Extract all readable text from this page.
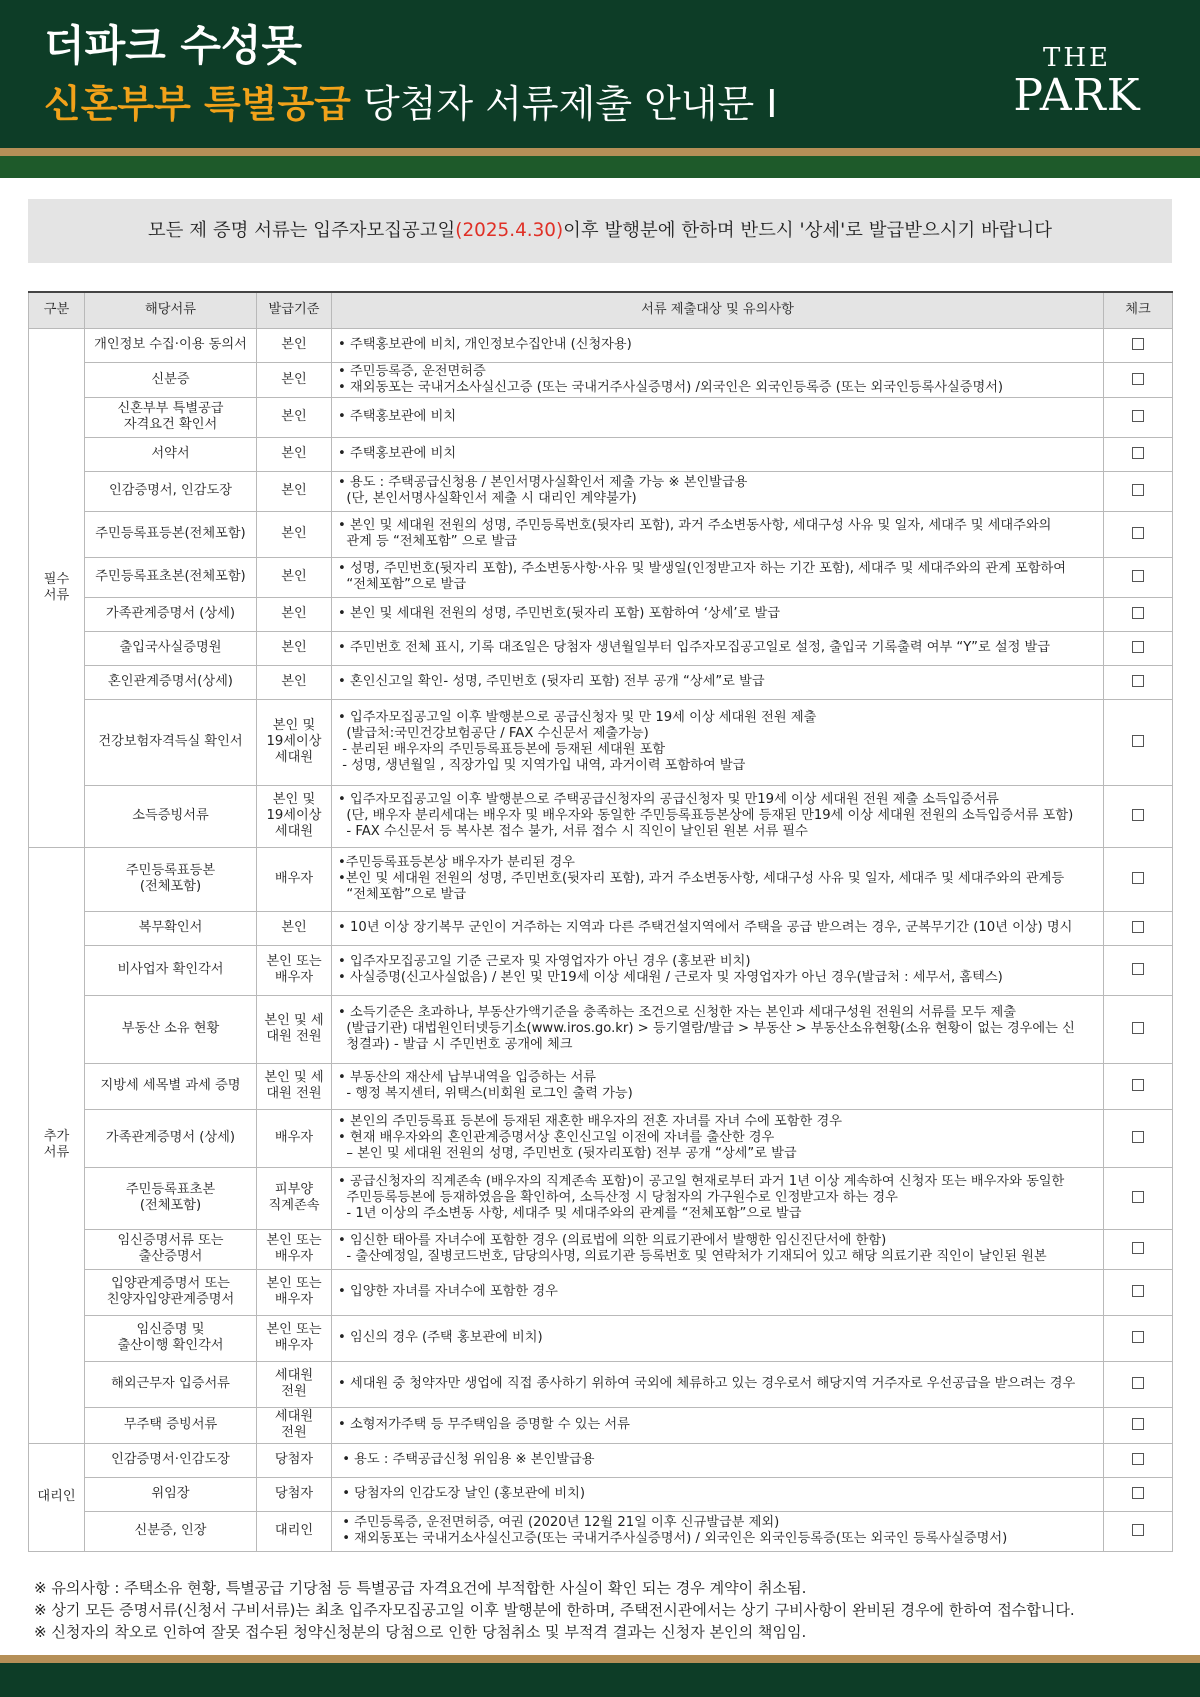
더파크 수성못
신혼부부 특별공급 당첨자 서류제출 안내문 Ⅰ
THE
PARK
모든 제 증명 서류는 입주자모집공고일(2025.4.30)이후 발행분에 한하며 반드시 '상세'로 발급받으시기 바랍니다
구분	해당서류	발급기준	서류 제출대상 및 유의사항	체크

필수
서류	개인정보 수집·이용 동의서	본인	• 주택홍보관에 비치, 개인정보수집안내 (신청자용)	

	신분증	본인	• 주민등록증, 운전면허증
• 재외동포는 국내거소사실신고증 (또는 국내거주사실증명서) /외국인은 외국인등록증 (또는 외국인등록사실증명서)	

	신혼부부 특별공급
자격요건 확인서	본인	• 주택홍보관에 비치	

	서약서	본인	• 주택홍보관에 비치	

	인감증명서, 인감도장	본인	• 용도 : 주택공급신청용 / 본인서명사실확인서 제출 가능 ※ 본인발급용
(단, 본인서명사실확인서 제출 시 대리인 계약불가)	

	주민등록표등본(전체포함)	본인	• 본인 및 세대원 전원의 성명, 주민등록번호(뒷자리 포함), 과거 주소변동사항, 세대구성 사유 및 일자, 세대주 및 세대주와의
관계 등 “전체포함” 으로 발급	

	주민등록표초본(전체포함)	본인	• 성명, 주민번호(뒷자리 포함), 주소변동사항·사유 및 발생일(인정받고자 하는 기간 포함), 세대주 및 세대주와의 관계 포함하여
“전체포함”으로 발급	

	가족관계증명서 (상세)	본인	• 본인 및 세대원 전원의 성명, 주민번호(뒷자리 포함) 포함하여 ‘상세’로 발급	

	출입국사실증명원	본인	• 주민번호 전체 표시, 기록 대조일은 당첨자 생년월일부터 입주자모집공고일로 설정, 출입국 기록출력 여부 “Y”로 설정 발급	

	혼인관계증명서(상세)	본인	• 혼인신고일 확인- 성명, 주민번호 (뒷자리 포함) 전부 공개 “상세”로 발급	

	건강보험자격득실 확인서	본인 및
19세이상
세대원	• 입주자모집공고일 이후 발행분으로 공급신청자 및 만 19세 이상 세대원 전원 제출
(발급처:국민건강보험공단 / FAX 수신문서 제출가능)
- 분리된 배우자의 주민등록표등본에 등재된 세대원 포함
- 성명, 생년월일 , 직장가입 및 지역가입 내역, 과거이력 포함하여 발급	

	소득증빙서류	본인 및
19세이상
세대원	• 입주자모집공고일 이후 발행분으로 주택공급신청자의 공급신청자 및 만19세 이상 세대원 전원 제출 소득입증서류
(단, 배우자 분리세대는 배우자 및 배우자와 동일한 주민등록표등본상에 등재된 만19세 이상 세대원 전원의 소득입증서류 포함)
- FAX 수신문서 등 복사본 접수 불가, 서류 접수 시 직인이 날인된 원본 서류 필수	

추가
서류	주민등록표등본
(전체포함)	배우자	•주민등록표등본상 배우자가 분리된 경우
•본인 및 세대원 전원의 성명, 주민번호(뒷자리 포함), 과거 주소변동사항, 세대구성 사유 및 일자, 세대주 및 세대주와의 관계등
“전체포함”으로 발급	

	복무확인서	본인	• 10년 이상 장기복무 군인이 거주하는 지역과 다른 주택건설지역에서 주택을 공급 받으려는 경우, 군복무기간 (10년 이상) 명시	

	비사업자 확인각서	본인 또는
배우자	• 입주자모집공고일 기준 근로자 및 자영업자가 아닌 경우 (홍보관 비치)
• 사실증명(신고사실없음) / 본인 및 만19세 이상 세대원 / 근로자 및 자영업자가 아닌 경우(발급처 : 세무서, 홈텍스)	

	부동산 소유 현황	본인 및 세
대원 전원	• 소득기준은 초과하나, 부동산가액기준을 충족하는 조건으로 신청한 자는 본인과 세대구성원 전원의 서류를 모두 제출
(발급기관) 대법원인터넷등기소(www.iros.go.kr) > 등기열람/발급 > 부동산 > 부동산소유현황(소유 현황이 없는 경우에는 신
청결과) - 발급 시 주민번호 공개에 체크	

	지방세 세목별 과세 증명	본인 및 세
대원 전원	• 부동산의 재산세 납부내역을 입증하는 서류
- 행정 복지센터, 위택스(비회원 로그인 출력 가능)	

	가족관계증명서 (상세)	배우자	• 본인의 주민등록표 등본에 등재된 재혼한 배우자의 전혼 자녀를 자녀 수에 포함한 경우
• 현재 배우자와의 혼인관계증명서상 혼인신고일 이전에 자녀를 출산한 경우
– 본인 및 세대원 전원의 성명, 주민번호 (뒷자리포함) 전부 공개 “상세”로 발급	

	주민등록표초본
(전체포함)	피부양
직계존속	• 공급신청자의 직계존속 (배우자의 직계존속 포함)이 공고일 현재로부터 과거 1년 이상 계속하여 신청자 또는 배우자와 동일한
주민등록등본에 등재하였음을 확인하여, 소득산정 시 당첨자의 가구원수로 인정받고자 하는 경우
- 1년 이상의 주소변동 사항, 세대주 및 세대주와의 관계를 “전체포함”으로 발급	

	임신증명서류 또는
출산증명서	본인 또는
배우자	• 임신한 태아를 자녀수에 포함한 경우 (의료법에 의한 의료기관에서 발행한 임신진단서에 한함)
- 출산예정일, 질병코드번호, 담당의사명, 의료기관 등록번호 및 연락처가 기재되어 있고 해당 의료기관 직인이 날인된 원본	

	입양관계증명서 또는
친양자입양관계증명서	본인 또는
배우자	• 입양한 자녀를 자녀수에 포함한 경우	

	임신증명 및
출산이행 확인각서	본인 또는
배우자	• 임신의 경우 (주택 홍보관에 비치)	

	해외근무자 입증서류	세대원
전원	• 세대원 중 청약자만 생업에 직접 종사하기 위하여 국외에 체류하고 있는 경우로서 해당지역 거주자로 우선공급을 받으려는 경우	

	무주택 증빙서류	세대원
전원	• 소형저가주택 등 무주택임을 증명할 수 있는 서류	

대리인	인감증명서·인감도장	당첨자	• 용도 : 주택공급신청 위임용 ※ 본인발급용	

	위임장	당첨자	• 당첨자의 인감도장 날인 (홍보관에 비치)	

	신분증, 인장	대리인	• 주민등록증, 운전면허증, 여권 (2020년 12월 21일 이후 신규발급분 제외)
• 재외동포는 국내거소사실신고증(또는 국내거주사실증명서) / 외국인은 외국인등록증(또는 외국인 등록사실증명서)	

※ 유의사항 : 주택소유 현황, 특별공급 기당첨 등 특별공급 자격요건에 부적합한 사실이 확인 되는 경우 계약이 취소됨.

※ 상기 모든 증명서류(신청서 구비서류)는 최초 입주자모집공고일 이후 발행분에 한하며, 주택전시관에서는 상기 구비사항이 완비된 경우에 한하여 접수합니다.

※ 신청자의 착오로 인하여 잘못 접수된 청약신청분의 당첨으로 인한 당첨취소 및 부적격 결과는 신청자 본인의 책임임.
